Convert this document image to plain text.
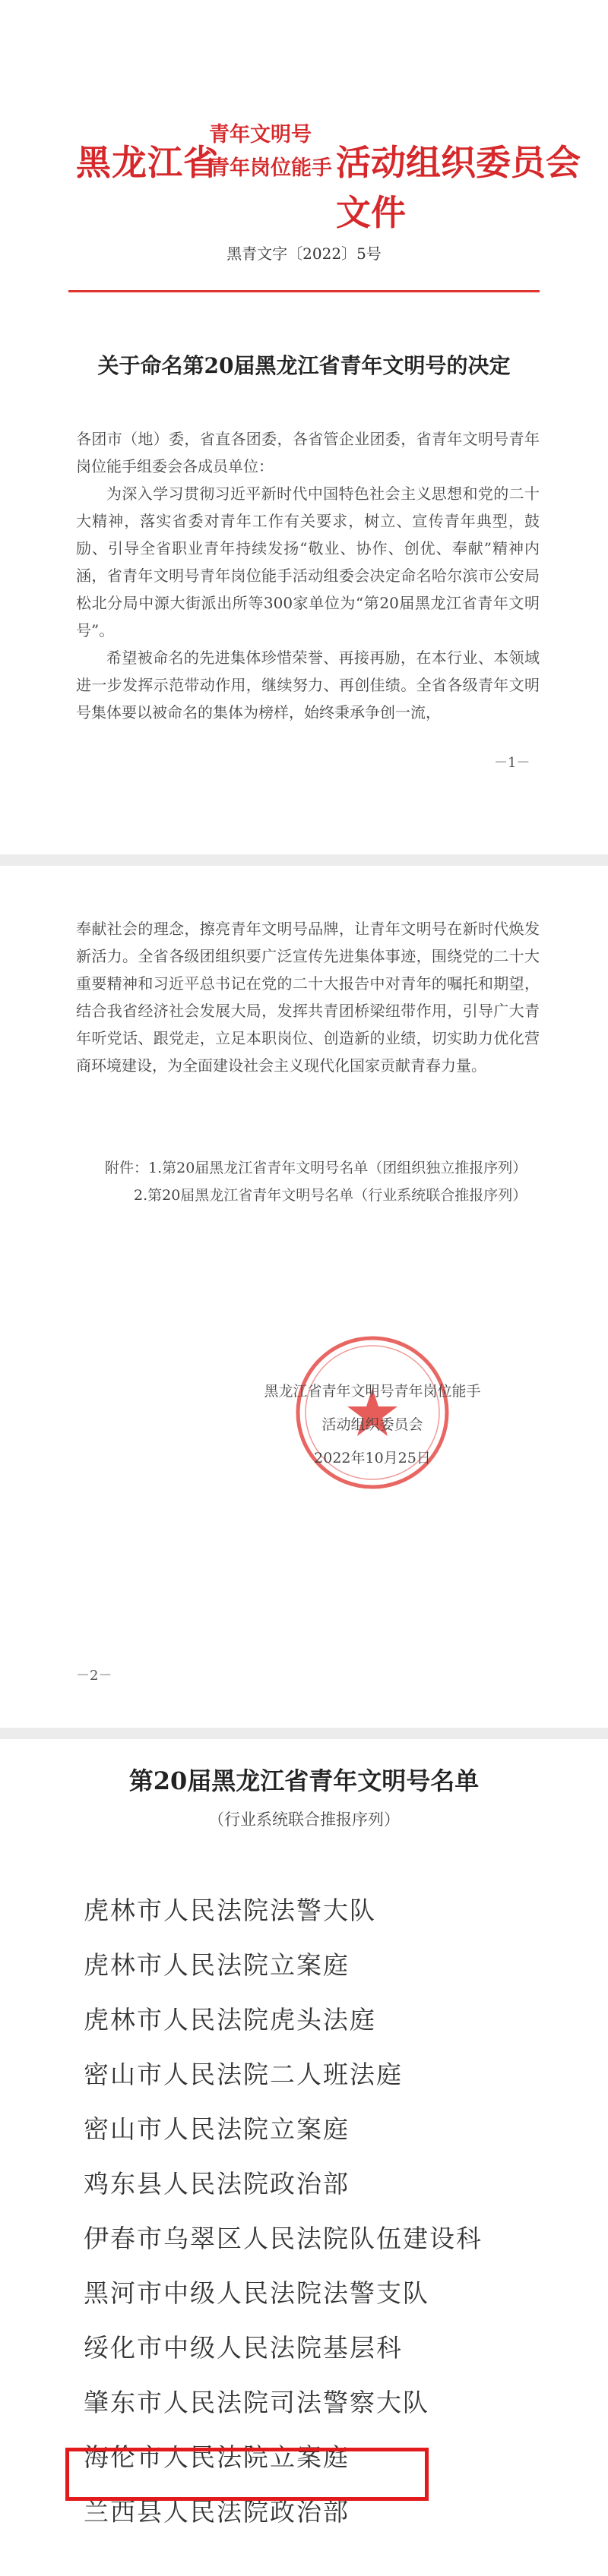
黑龙江省
青年文明号
青年岗位能手 活动组织委员会文件
黑青文字〔2022〕5号
关于命名第20届黑龙江省青年文明号的决定

各团市（地）委，省直各团委，各省管企业团委，省青年文明号青年岗位能手组委会各成员单位：

为深入学习贯彻习近平新时代中国特色社会主义思想和党的二十大精神，落实省委对青年工作有关要求，树立、宣传青年典型，鼓励、引导全省职业青年持续发扬“敬业、协作、创优、奉献”精神内涵，省青年文明号青年岗位能手活动组委会决定命名哈尔滨市公安局松北分局中源大街派出所等300家单位为“第20届黑龙江省青年文明号”。

希望被命名的先进集体珍惜荣誉、再接再励，在本行业、本领域进一步发挥示范带动作用，继续努力、再创佳绩。全省各级青年文明号集体要以被命名的集体为榜样，始终秉承争创一流，

－1－

奉献社会的理念，擦亮青年文明号品牌，让青年文明号在新时代焕发新活力。全省各级团组织要广泛宣传先进集体事迹，围绕党的二十大重要精神和习近平总书记在党的二十大报告中对青年的嘱托和期望，结合我省经济社会发展大局，发挥共青团桥梁纽带作用，引导广大青年听党话、跟党走，立足本职岗位、创造新的业绩，切实助力优化营商环境建设，为全面建设社会主义现代化国家贡献青春力量。

附件：1.第20届黑龙江省青年文明号名单（团组织独立推报序列）

2.第20届黑龙江省青年文明号名单（行业系统联合推报序列）

黑龙江省青年文明号青年岗位能手
活动组织委员会
2022年10月25日
－2－
第20届黑龙江省青年文明号名单
（行业系统联合推报序列）
虎林市人民法院法警大队
虎林市人民法院立案庭
虎林市人民法院虎头法庭
密山市人民法院二人班法庭
密山市人民法院立案庭
鸡东县人民法院政治部
伊春市乌翠区人民法院队伍建设科
黑河市中级人民法院法警支队
绥化市中级人民法院基层科
肇东市人民法院司法警察大队
海伦市人民法院立案庭
兰西县人民法院政治部
